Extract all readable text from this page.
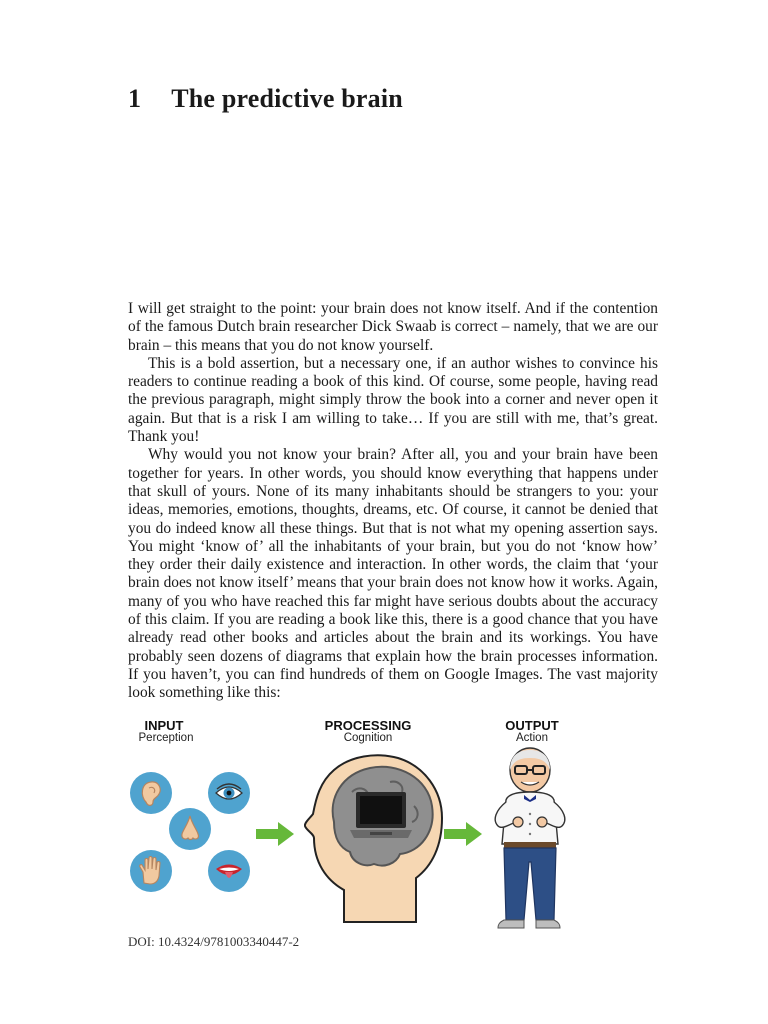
1 The predictive brain

I will get straight to the point: your brain does not know itself. And if the contention of the famous Dutch brain researcher Dick Swaab is correct – namely, that we are our brain – this means that you do not know yourself.

This is a bold assertion, but a necessary one, if an author wishes to convince his readers to continue reading a book of this kind. Of course, some people, having read the previous paragraph, might simply throw the book into a corner and never open it again. But that is a risk I am willing to take… If you are still with me, that’s great. Thank you!

Why would you not know your brain? After all, you and your brain have been together for years. In other words, you should know everything that happens under that skull of yours. None of its many inhabitants should be strangers to you: your ideas, memories, emotions, thoughts, dreams, etc. Of course, it cannot be denied that you do indeed know all these things. But that is not what my opening assertion says. You might ‘know of’ all the inhabitants of your brain, but you do not ‘know how’ they order their daily existence and interaction. In other words, the claim that ‘your brain does not know itself’ means that your brain does not know how it works. Again, many of you who have reached this far might have serious doubts about the accuracy of this claim. If you are reading a book like this, there is a good chance that you have already read other books and articles about the brain and its workings. You have probably seen dozens of diagrams that explain how the brain processes information. If you haven’t, you can find hundreds of them on Google Images. The vast majority look something like this:

INPUT
Perception
PROCESSING
Cognition
OUTPUT
Action
DOI: 10.4324/9781003340447-2
